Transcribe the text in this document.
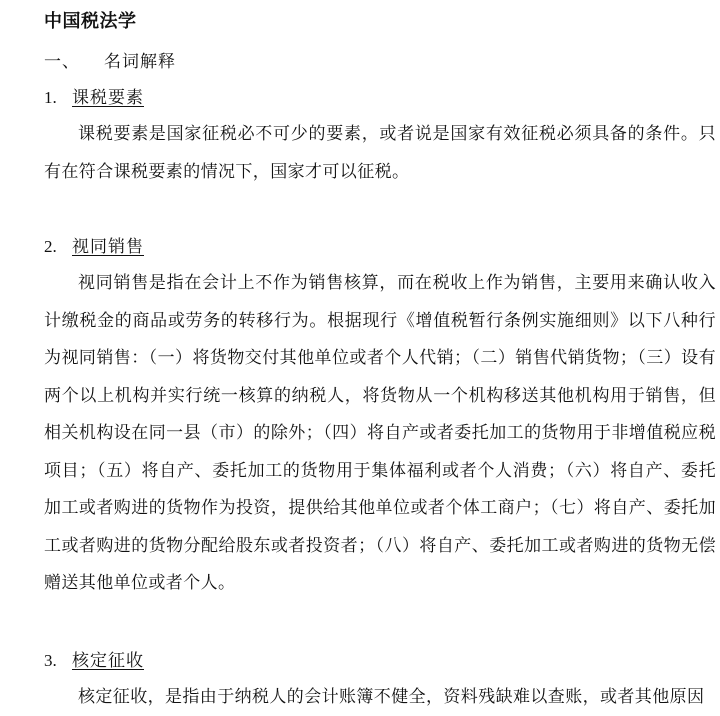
中国税法学

一、 名词解释

1. 课税要素

课税要素是国家征税必不可少的要素，或者说是国家有效征税必须具备的条件。只有在符合课税要素的情况下，国家才可以征税。

2. 视同销售

视同销售是指在会计上不作为销售核算，而在税收上作为销售，主要用来确认收入计缴税金的商品或劳务的转移行为。根据现行《增值税暂行条例实施细则》以下八种行为视同销售：（一）将货物交付其他单位或者个人代销；（二）销售代销货物；（三）设有两个以上机构并实行统一核算的纳税人，将货物从一个机构移送其他机构用于销售，但相关机构设在同一县（市）的除外；（四）将自产或者委托加工的货物用于非增值税应税项目；（五）将自产、委托加工的货物用于集体福利或者个人消费；（六）将自产、委托加工或者购进的货物作为投资，提供给其他单位或者个体工商户；（七）将自产、委托加工或者购进的货物分配给股东或者投资者；（八）将自产、委托加工或者购进的货物无偿赠送其他单位或者个人。

3. 核定征收

核定征收，是指由于纳税人的会计账簿不健全，资料残缺难以查账，或者其他原因
